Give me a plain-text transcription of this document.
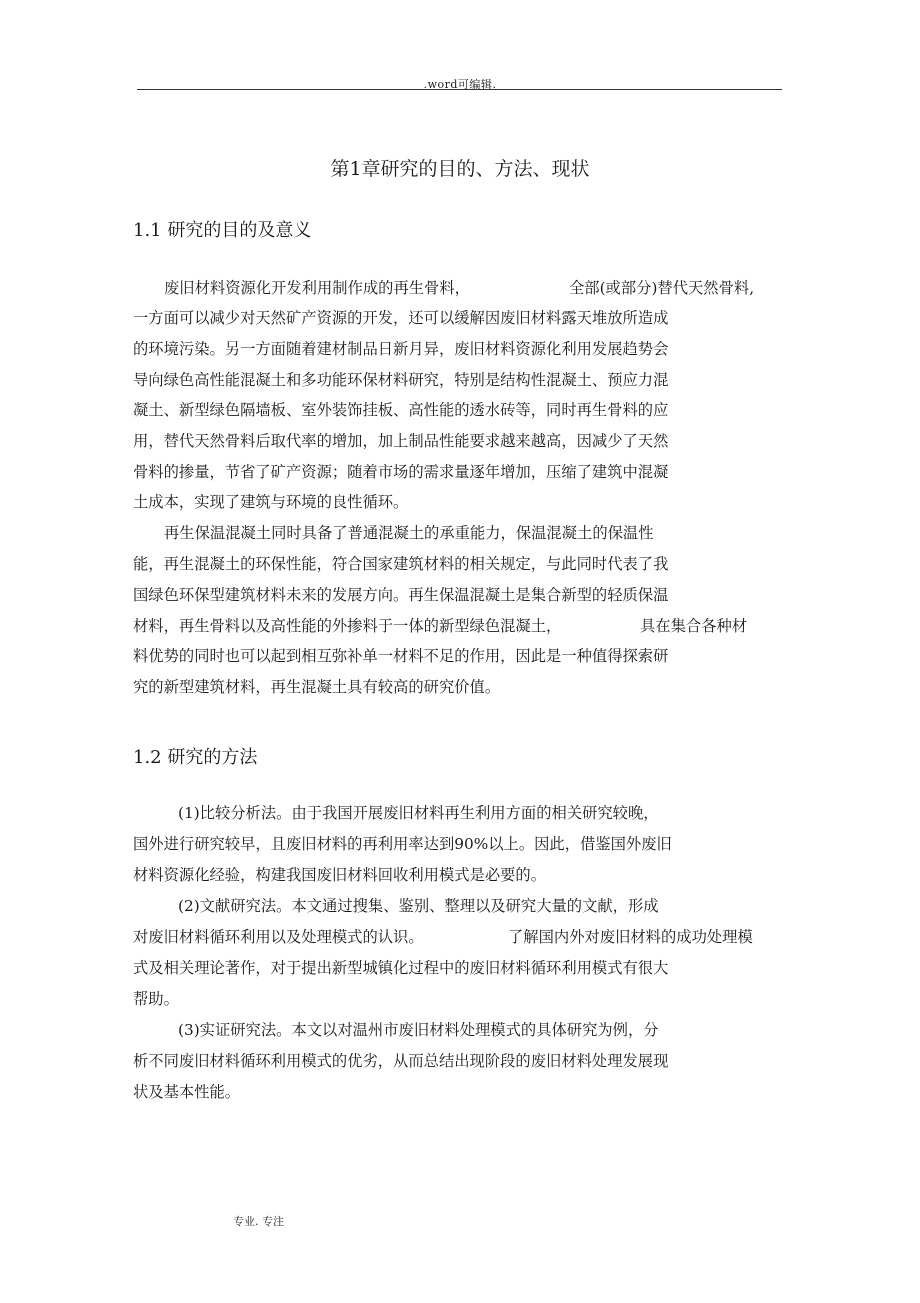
.word可编辑.
第1章研究的目的、方法、现状
1.1 研究的目的及意义
废旧材料资源化开发利用制作成的再生骨料，	全部(或部分)替代天然骨料,
一方面可以减少对天然矿产资源的开发，还可以缓解因废旧材料露天堆放所造成
的环境污染。另一方面随着建材制品日新月异，废旧材料资源化利用发展趋势会
导向绿色高性能混凝土和多功能环保材料研究，特别是结构性混凝土、预应力混
凝土、新型绿色隔墙板、室外装饰挂板、高性能的透水砖等，同时再生骨料的应
用，替代天然骨料后取代率的增加，加上制品性能要求越来越高，因减少了天然
骨料的掺量，节省了矿产资源；随着市场的需求量逐年增加，压缩了建筑中混凝
土成本，实现了建筑与环境的良性循环。
再生保温混凝土同时具备了普通混凝土的承重能力，保温混凝土的保温性
能，再生混凝土的环保性能，符合国家建筑材料的相关规定，与此同时代表了我
国绿色环保型建筑材料未来的发展方向。再生保温混凝土是集合新型的轻质保温
材料，再生骨料以及高性能的外掺料于一体的新型绿色混凝土，	具在集合各种材
料优势的同时也可以起到相互弥补单一材料不足的作用，因此是一种值得探索研
究的新型建筑材料，再生混凝土具有较高的研究价值。
1.2 研究的方法
(1)比较分析法。由于我国开展废旧材料再生利用方面的相关研究较晚，
国外进行研究较早，且废旧材料的再利用率达到90%以上。因此，借鉴国外废旧
材料资源化经验，构建我国废旧材料回收利用模式是必要的。
(2)文献研究法。本文通过搜集、鉴别、整理以及研究大量的文献，形成
对废旧材料循环利用以及处理模式的认识。	了解国内外对废旧材料的成功处理模
式及相关理论著作，对于提出新型城镇化过程中的废旧材料循环利用模式有很大
帮助。
(3)实证研究法。本文以对温州市废旧材料处理模式的具体研究为例，分
析不同废旧材料循环利用模式的优劣，从而总结出现阶段的废旧材料处理发展现
状及基本性能。
专业. 专注
